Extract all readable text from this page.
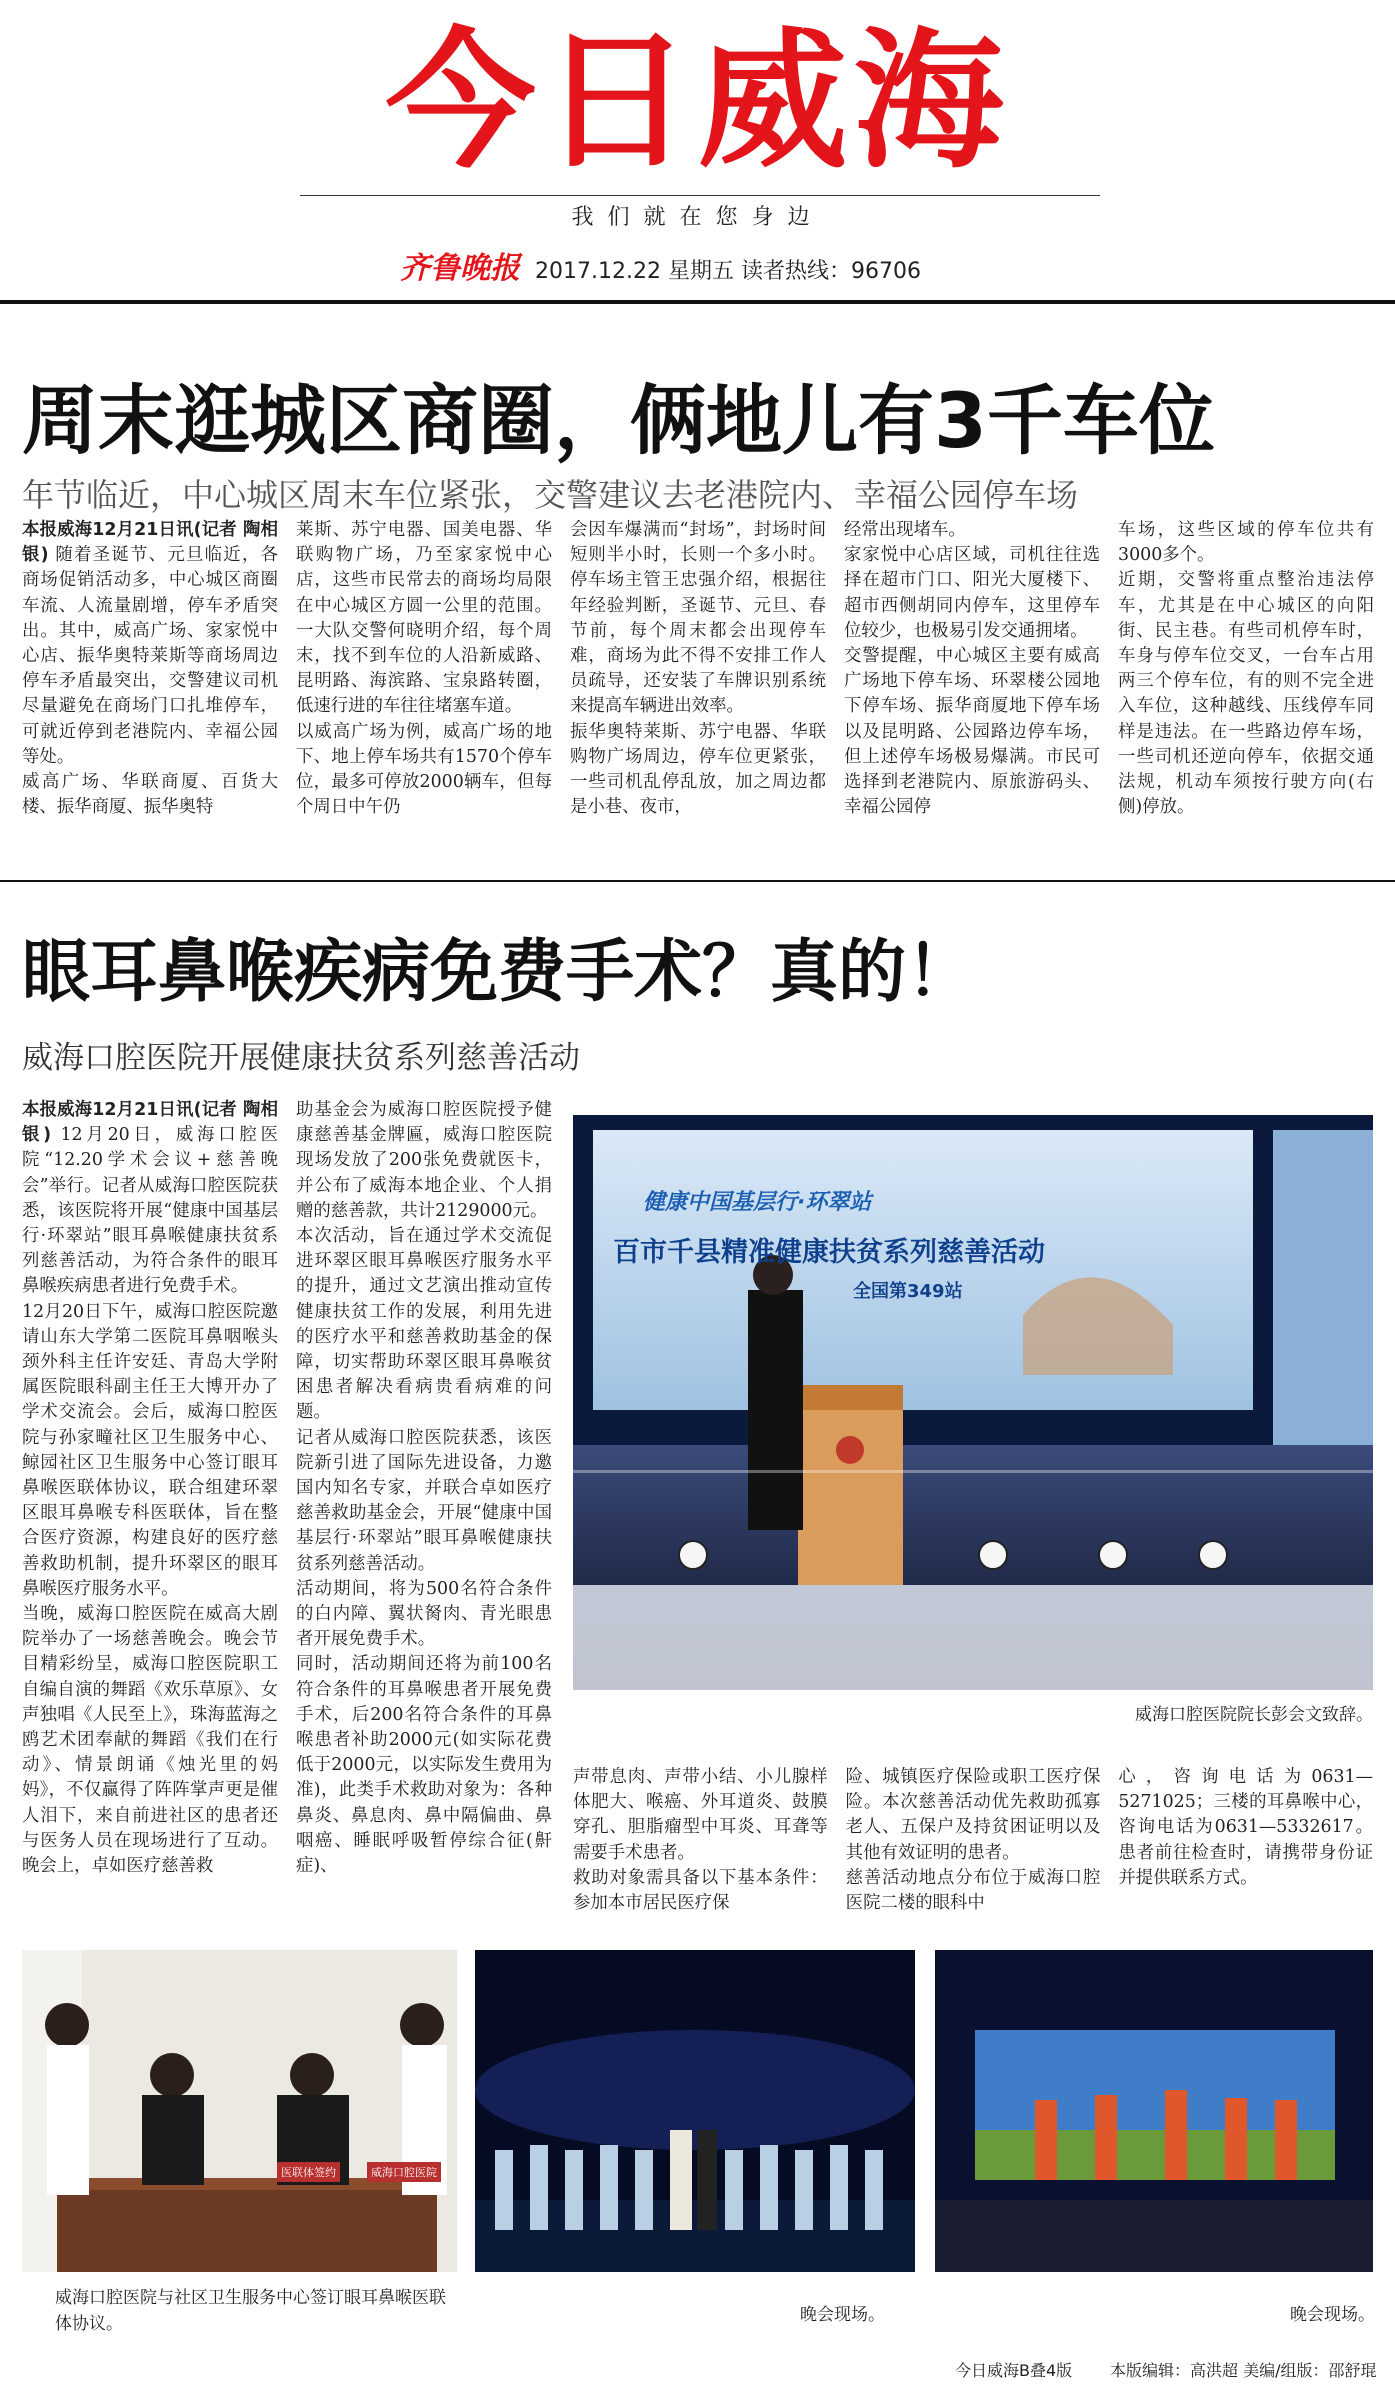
今日威海
我们就在您身边
齐鲁晚报 2017.12.22 星期五 读者热线：96706
周末逛城区商圈，俩地儿有3千车位
年节临近，中心城区周末车位紧张，交警建议去老港院内、幸福公园停车场
本报威海12月21日讯(记者 陶相银) 随着圣诞节、元旦临近，各商场促销活动多，中心城区商圈车流、人流量剧增，停车矛盾突出。其中，威高广场、家家悦中心店、振华奥特莱斯等商场周边停车矛盾最突出，交警建议司机尽量避免在商场门口扎堆停车，可就近停到老港院内、幸福公园等处。
威高广场、华联商厦、百货大楼、振华商厦、振华奥特
莱斯、苏宁电器、国美电器、华联购物广场，乃至家家悦中心店，这些市民常去的商场均局限在中心城区方圆一公里的范围。一大队交警何晓明介绍，每个周末，找不到车位的人沿新威路、昆明路、海滨路、宝泉路转圈，低速行进的车往往堵塞车道。
以威高广场为例，威高广场的地下、地上停车场共有1570个停车位，最多可停放2000辆车，但每个周日中午仍
会因车爆满而“封场”，封场时间短则半小时，长则一个多小时。停车场主管王忠强介绍，根据往年经验判断，圣诞节、元旦、春节前，每个周末都会出现停车难，商场为此不得不安排工作人员疏导，还安装了车牌识别系统来提高车辆进出效率。
振华奥特莱斯、苏宁电器、华联购物广场周边，停车位更紧张，一些司机乱停乱放，加之周边都是小巷、夜市，
经常出现堵车。
家家悦中心店区域，司机往往选择在超市门口、阳光大厦楼下、超市西侧胡同内停车，这里停车位较少，也极易引发交通拥堵。
交警提醒，中心城区主要有威高广场地下停车场、环翠楼公园地下停车场、振华商厦地下停车场以及昆明路、公园路边停车场，但上述停车场极易爆满。市民可选择到老港院内、原旅游码头、幸福公园停
车场，这些区域的停车位共有3000多个。
近期，交警将重点整治违法停车，尤其是在中心城区的向阳街、民主巷。有些司机停车时，车身与停车位交叉，一台车占用两三个停车位，有的则不完全进入车位，这种越线、压线停车同样是违法。在一些路边停车场，一些司机还逆向停车，依据交通法规，机动车须按行驶方向(右侧)停放。
眼耳鼻喉疾病免费手术？真的！
威海口腔医院开展健康扶贫系列慈善活动
本报威海12月21日讯(记者 陶相银) 12月20日，威海口腔医院“12.20学术会议+慈善晚会”举行。记者从威海口腔医院获悉，该医院将开展“健康中国基层行·环翠站”眼耳鼻喉健康扶贫系列慈善活动，为符合条件的眼耳鼻喉疾病患者进行免费手术。
12月20日下午，威海口腔医院邀请山东大学第二医院耳鼻咽喉头颈外科主任许安廷、青岛大学附属医院眼科副主任王大博开办了学术交流会。会后，威海口腔医院与孙家疃社区卫生服务中心、鲸园社区卫生服务中心签订眼耳鼻喉医联体协议，联合组建环翠区眼耳鼻喉专科医联体，旨在整合医疗资源，构建良好的医疗慈善救助机制，提升环翠区的眼耳鼻喉医疗服务水平。
当晚，威海口腔医院在威高大剧院举办了一场慈善晚会。晚会节目精彩纷呈，威海口腔医院职工自编自演的舞蹈《欢乐草原》、女声独唱《人民至上》，珠海蓝海之鸥艺术团奉献的舞蹈《我们在行动》、情景朗诵《烛光里的妈妈》，不仅赢得了阵阵掌声更是催人泪下，来自前进社区的患者还与医务人员在现场进行了互动。晚会上，卓如医疗慈善救
助基金会为威海口腔医院授予健康慈善基金牌匾，威海口腔医院现场发放了200张免费就医卡，并公布了威海本地企业、个人捐赠的慈善款，共计2129000元。
本次活动，旨在通过学术交流促进环翠区眼耳鼻喉医疗服务水平的提升，通过文艺演出推动宣传健康扶贫工作的发展，利用先进的医疗水平和慈善救助基金的保障，切实帮助环翠区眼耳鼻喉贫困患者解决看病贵看病难的问题。
记者从威海口腔医院获悉，该医院新引进了国际先进设备，力邀国内知名专家，并联合卓如医疗慈善救助基金会，开展“健康中国基层行·环翠站”眼耳鼻喉健康扶贫系列慈善活动。
活动期间，将为500名符合条件的白内障、翼状胬肉、青光眼患者开展免费手术。
同时，活动期间还将为前100名符合条件的耳鼻喉患者开展免费手术，后200名符合条件的耳鼻喉患者补助2000元(如实际花费低于2000元，以实际发生费用为准)，此类手术救助对象为：各种鼻炎、鼻息肉、鼻中隔偏曲、鼻咽癌、睡眠呼吸暂停综合征(鼾症)、
健康中国基层行·环翠站
百市千县精准健康扶贫系列慈善活动
全国第349站
威海口腔医院院长彭会文致辞。
声带息肉、声带小结、小儿腺样体肥大、喉癌、外耳道炎、鼓膜穿孔、胆脂瘤型中耳炎、耳聋等需要手术患者。
救助对象需具备以下基本条件：参加本市居民医疗保
险、城镇医疗保险或职工医疗保险。本次慈善活动优先救助孤寡老人、五保户及持贫困证明以及其他有效证明的患者。
慈善活动地点分布位于威海口腔医院二楼的眼科中
心，咨询电话为0631—5271025；三楼的耳鼻喉中心，咨询电话为0631—5332617。患者前往检查时，请携带身份证并提供联系方式。
医联体签约	威海口腔医院
威海口腔医院与社区卫生服务中心签订眼耳鼻喉医联体协议。	晚会现场。	晚会现场。
今日威海B叠4版 本版编辑：高洪超 美编/组版：邵舒琨
